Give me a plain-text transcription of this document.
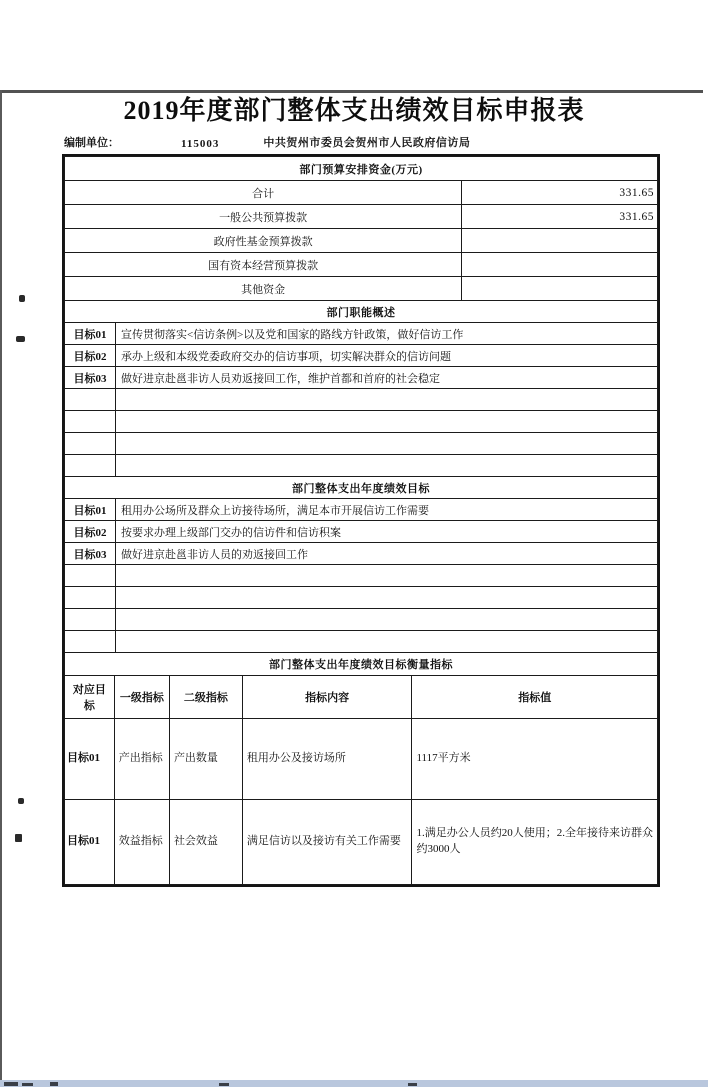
2019年度部门整体支出绩效目标申报表
编制单位：	115003	中共贺州市委员会贺州市人民政府信访局
部门预算安排资金(万元)	
合计	331.65
一般公共预算拨款	331.65
政府性基金预算拨款	
国有资本经营预算拨款	
其他资金	
部门职能概述	
目标01	宣传贯彻落实<信访条例>以及党和国家的路线方针政策，做好信访工作
目标02	承办上级和本级党委政府交办的信访事项，切实解决群众的信访问题
目标03	做好进京赴邕非访人员劝返接回工作，维护首都和首府的社会稳定

部门整体支出年度绩效目标	
目标01	租用办公场所及群众上访接待场所，满足本市开展信访工作需要
目标02	按要求办理上级部门交办的信访件和信访积案
目标03	做好进京赴邕非访人员的劝返接回工作

部门整体支出年度绩效目标衡量指标				
对应目标	一级指标	二级指标	指标内容	指标值
目标01	产出指标	产出数量	租用办公及接访场所	1117平方米
目标01	效益指标	社会效益	满足信访以及接访有关工作需要	1.满足办公人员约20人使用；2.全年接待来访群众约3000人
